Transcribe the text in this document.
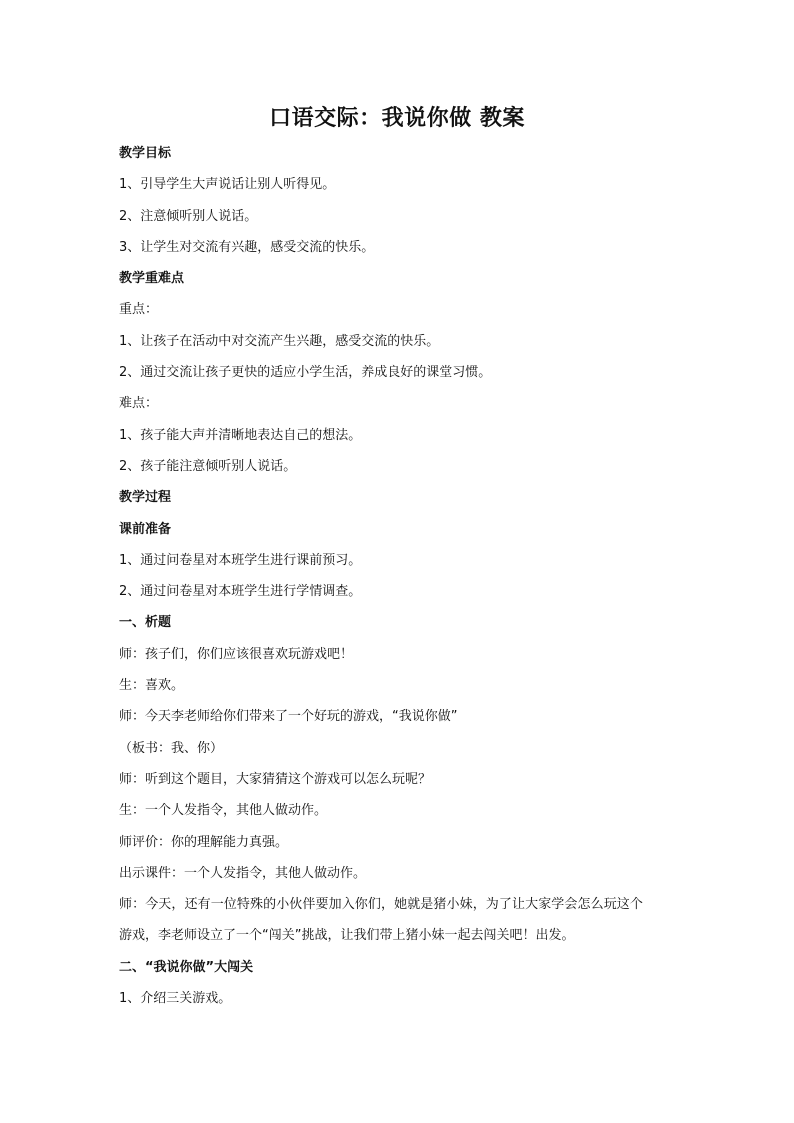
口语交际：我说你做 教案

教学目标

1、引导学生大声说话让别人听得见。

2、注意倾听别人说话。

3、让学生对交流有兴趣，感受交流的快乐。

教学重难点

重点：

1、让孩子在活动中对交流产生兴趣，感受交流的快乐。

2、通过交流让孩子更快的适应小学生活，养成良好的课堂习惯。

难点：

1、孩子能大声并清晰地表达自己的想法。

2、孩子能注意倾听别人说话。

教学过程

课前准备

1、通过问卷星对本班学生进行课前预习。

2、通过问卷星对本班学生进行学情调查。

一、析题

师：孩子们，你们应该很喜欢玩游戏吧！

生：喜欢。

师：今天李老师给你们带来了一个好玩的游戏，“我说你做”

（板书：我、你）

师：听到这个题目，大家猜猜这个游戏可以怎么玩呢？

生：一个人发指令，其他人做动作。

师评价：你的理解能力真强。

出示课件：一个人发指令，其他人做动作。

师：今天，还有一位特殊的小伙伴要加入你们，她就是猪小妹，为了让大家学会怎么玩这个

游戏，李老师设立了一个“闯关”挑战，让我们带上猪小妹一起去闯关吧！出发。

二、“我说你做”大闯关

1、介绍三关游戏。
